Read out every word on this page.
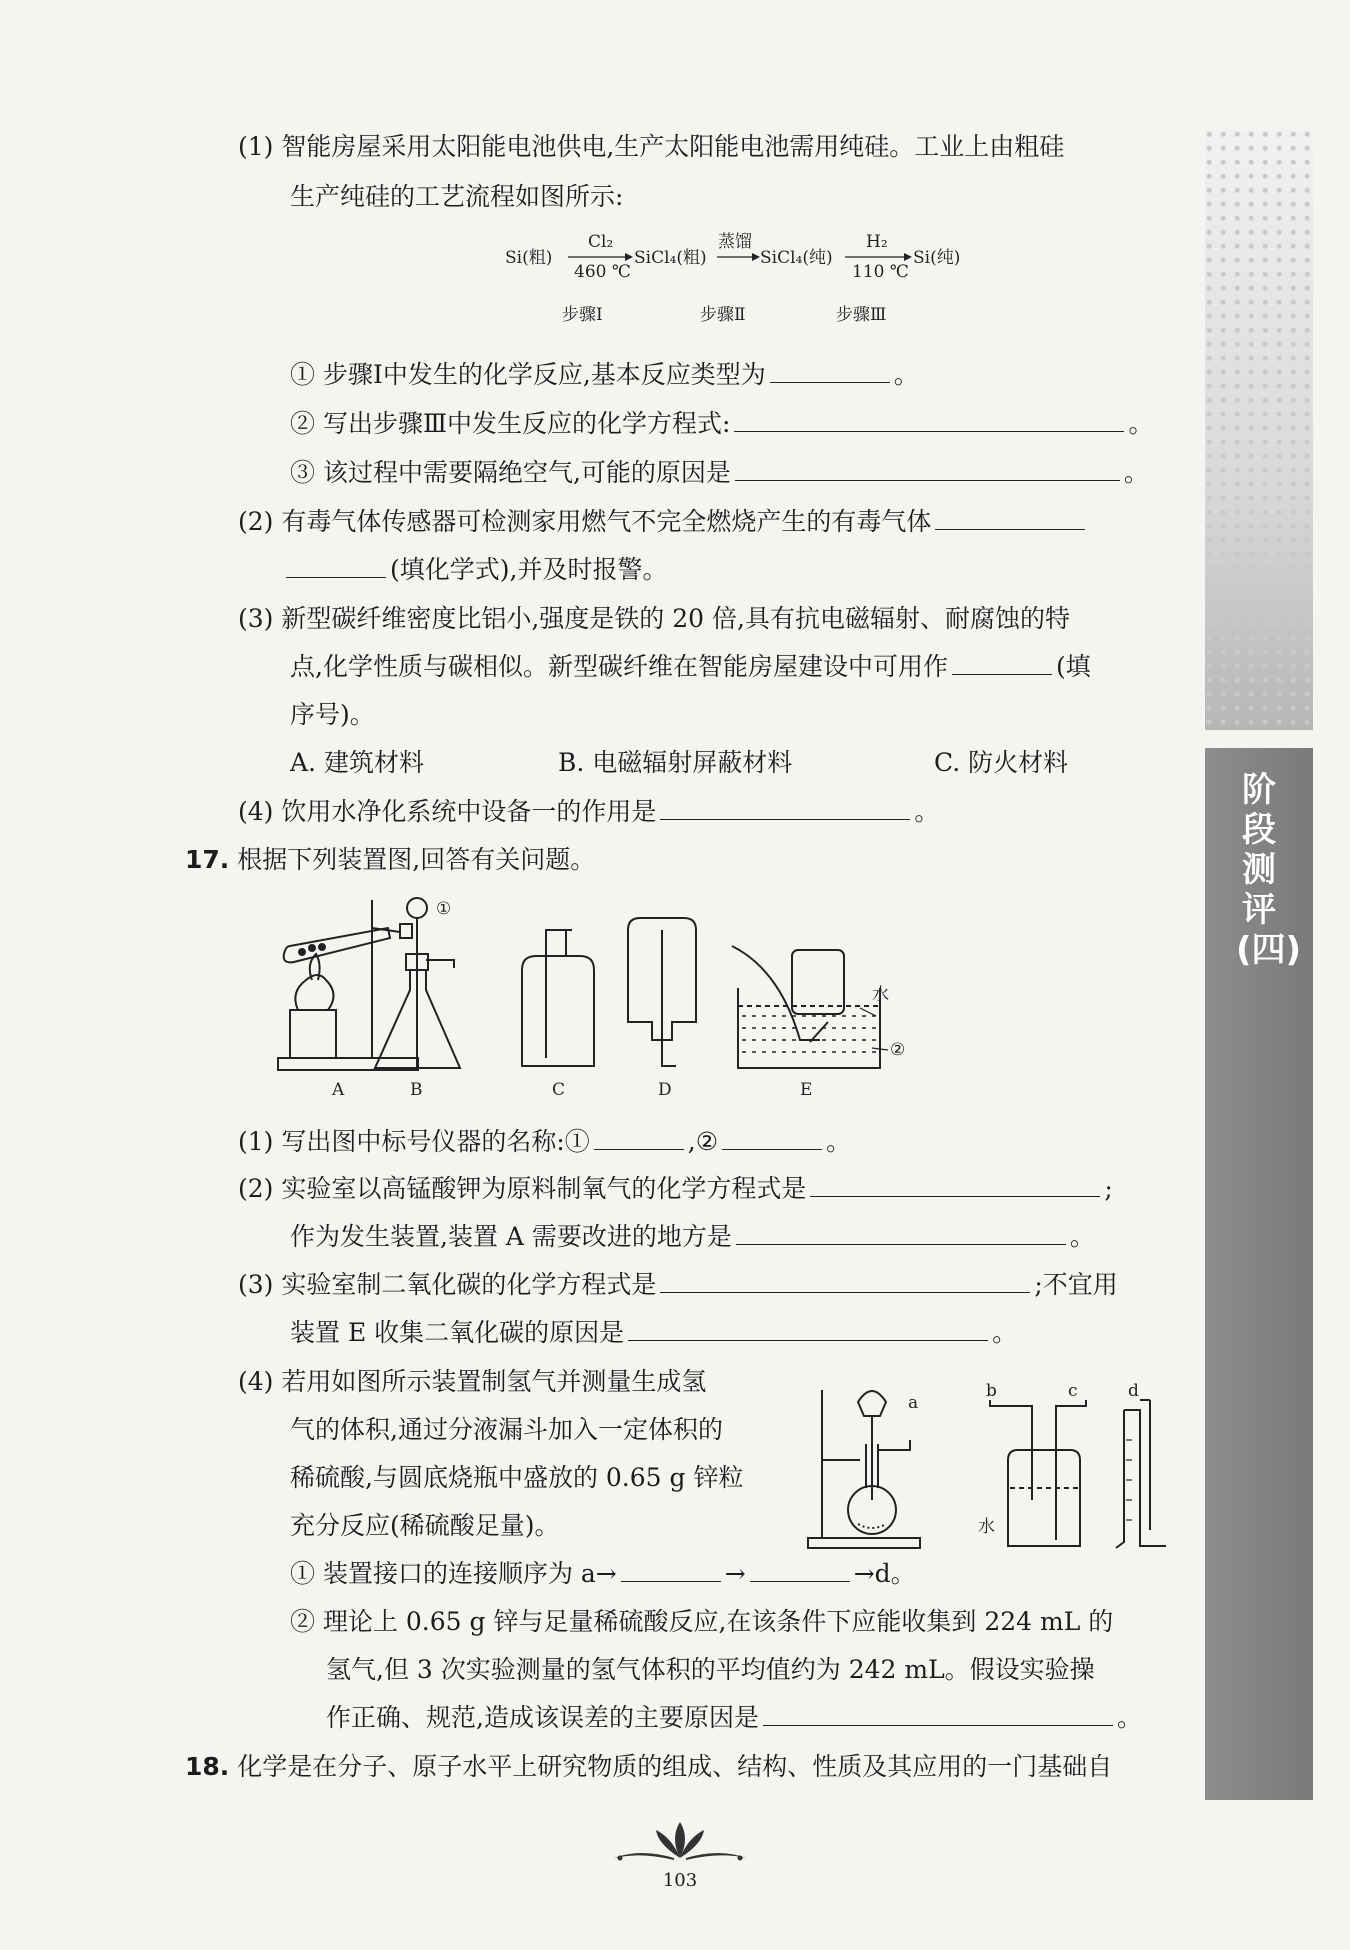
阶段测评(四)
(1) 智能房屋采用太阳能电池供电,生产太阳能电池需用纯硅。工业上由粗硅
生产纯硅的工艺流程如图所示:
Si(粗)
Cl₂
460 ℃
SiCl₄(粗)
蒸馏
SiCl₄(纯)
H₂
110 ℃
Si(纯)
步骤Ⅰ	步骤Ⅱ	步骤Ⅲ
① 步骤Ⅰ中发生的化学反应,基本反应类型为	。
② 写出步骤Ⅲ中发生反应的化学方程式:	。
③ 该过程中需要隔绝空气,可能的原因是	。
(2) 有毒气体传感器可检测家用燃气不完全燃烧产生的有毒气体
(填化学式),并及时报警。
(3) 新型碳纤维密度比铝小,强度是铁的 20 倍,具有抗电磁辐射、耐腐蚀的特
点,化学性质与碳相似。新型碳纤维在智能房屋建设中可用作	(填
序号)。
A. 建筑材料	B. 电磁辐射屏蔽材料	C. 防火材料
(4) 饮用水净化系统中设备一的作用是	。
17. 根据下列装置图,回答有关问题。
A
①
B	C	D
水
②
E
(1) 写出图中标号仪器的名称:①	,②	。
(2) 实验室以高锰酸钾为原料制氧气的化学方程式是	;
作为发生装置,装置 A 需要改进的地方是	。
(3) 实验室制二氧化碳的化学方程式是	;不宜用
装置 E 收集二氧化碳的原因是	。
(4) 若用如图所示装置制氢气并测量生成氢
气的体积,通过分液漏斗加入一定体积的
稀硫酸,与圆底烧瓶中盛放的 0.65 g 锌粒
充分反应(稀硫酸足量)。
a
b	c
水
d
① 装置接口的连接顺序为 a→	→	→d。
② 理论上 0.65 g 锌与足量稀硫酸反应,在该条件下应能收集到 224 mL 的
氢气,但 3 次实验测量的氢气体积的平均值约为 242 mL。假设实验操
作正确、规范,造成该误差的主要原因是	。
18. 化学是在分子、原子水平上研究物质的组成、结构、性质及其应用的一门基础自
103
